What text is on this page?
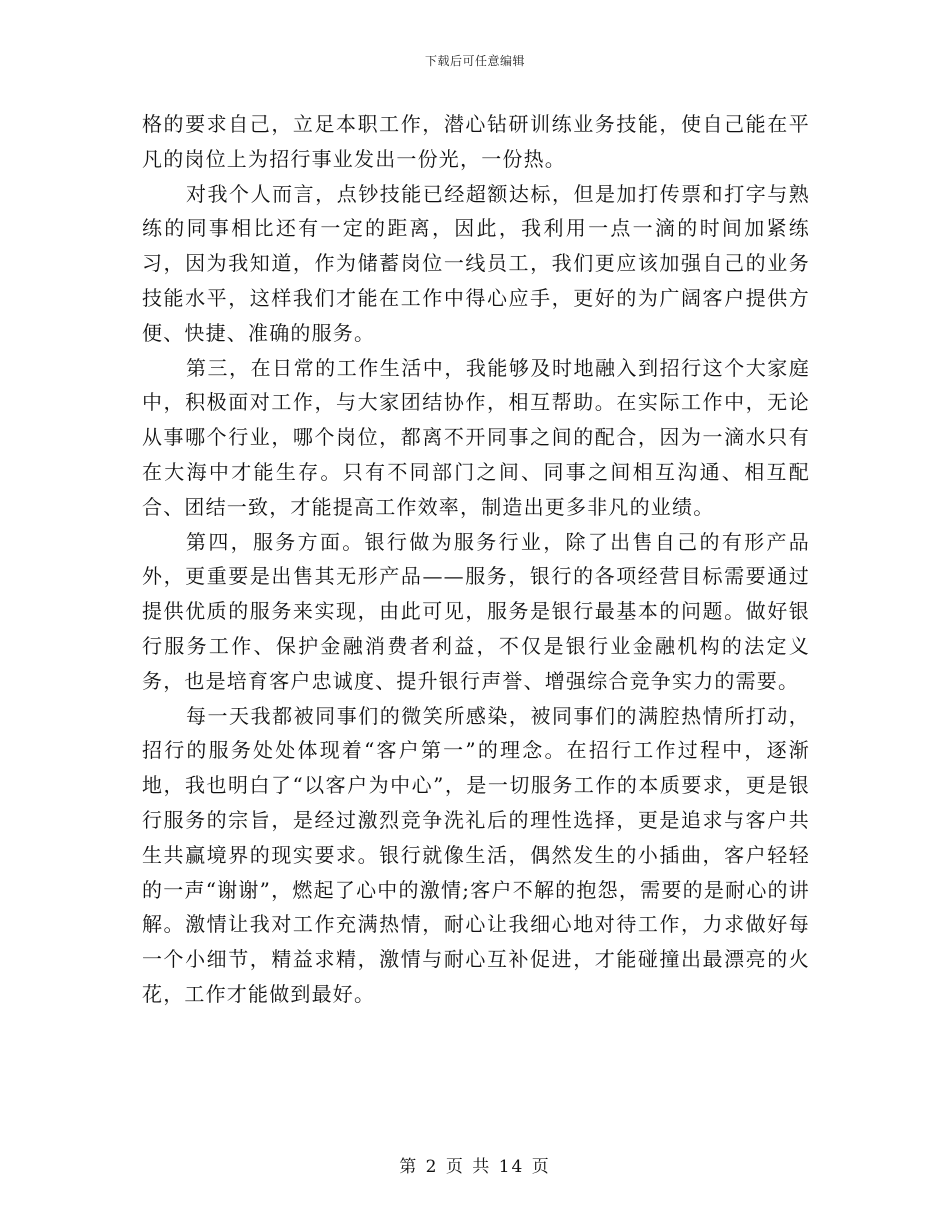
下载后可任意编辑

格的要求自己，立足本职工作，潜心钻研训练业务技能，使自己能在平凡的岗位上为招行事业发出一份光，一份热。

对我个人而言，点钞技能已经超额达标，但是加打传票和打字与熟练的同事相比还有一定的距离，因此，我利用一点一滴的时间加紧练习，因为我知道，作为储蓄岗位一线员工，我们更应该加强自己的业务技能水平，这样我们才能在工作中得心应手，更好的为广阔客户提供方便、快捷、准确的服务。

第三，在日常的工作生活中，我能够及时地融入到招行这个大家庭中，积极面对工作，与大家团结协作，相互帮助。在实际工作中，无论从事哪个行业，哪个岗位，都离不开同事之间的配合，因为一滴水只有在大海中才能生存。只有不同部门之间、同事之间相互沟通、相互配合、团结一致，才能提高工作效率，制造出更多非凡的业绩。

第四，服务方面。银行做为服务行业，除了出售自己的有形产品外，更重要是出售其无形产品——服务，银行的各项经营目标需要通过提供优质的服务来实现，由此可见，服务是银行最基本的问题。做好银行服务工作、保护金融消费者利益，不仅是银行业金融机构的法定义务，也是培育客户忠诚度、提升银行声誉、增强综合竞争实力的需要。

每一天我都被同事们的微笑所感染，被同事们的满腔热情所打动，招行的服务处处体现着“客户第一”的理念。在招行工作过程中，逐渐地，我也明白了“以客户为中心”，是一切服务工作的本质要求，更是银行服务的宗旨，是经过激烈竞争洗礼后的理性选择，更是追求与客户共生共赢境界的现实要求。银行就像生活，偶然发生的小插曲，客户轻轻的一声“谢谢”，燃起了心中的激情;客户不解的抱怨，需要的是耐心的讲解。激情让我对工作充满热情，耐心让我细心地对待工作，力求做好每一个小细节，精益求精，激情与耐心互补促进，才能碰撞出最漂亮的火花，工作才能做到最好。

第 2 页 共 14 页
